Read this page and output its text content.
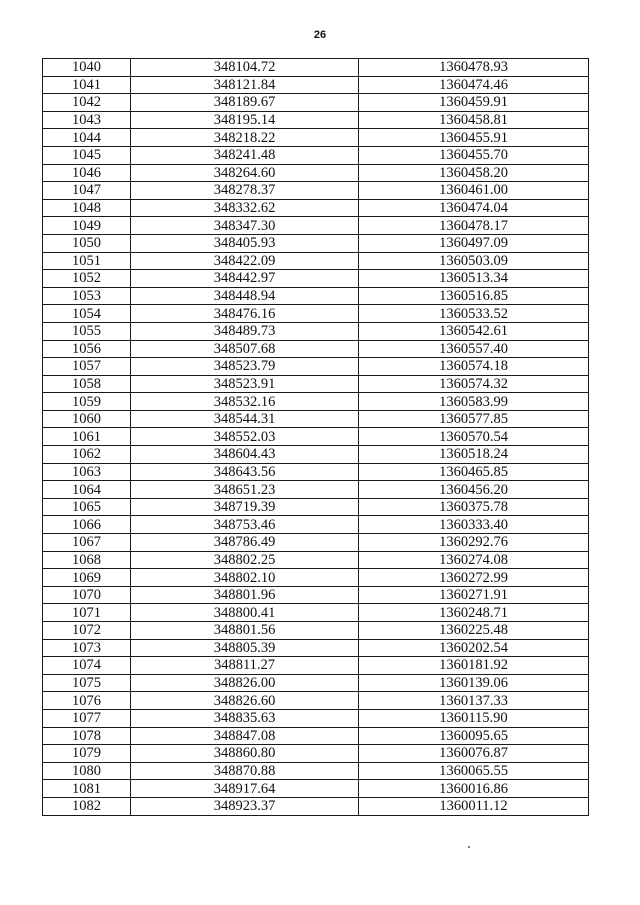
26
1040	348104.72	1360478.93
1041	348121.84	1360474.46
1042	348189.67	1360459.91
1043	348195.14	1360458.81
1044	348218.22	1360455.91
1045	348241.48	1360455.70
1046	348264.60	1360458.20
1047	348278.37	1360461.00
1048	348332.62	1360474.04
1049	348347.30	1360478.17
1050	348405.93	1360497.09
1051	348422.09	1360503.09
1052	348442.97	1360513.34
1053	348448.94	1360516.85
1054	348476.16	1360533.52
1055	348489.73	1360542.61
1056	348507.68	1360557.40
1057	348523.79	1360574.18
1058	348523.91	1360574.32
1059	348532.16	1360583.99
1060	348544.31	1360577.85
1061	348552.03	1360570.54
1062	348604.43	1360518.24
1063	348643.56	1360465.85
1064	348651.23	1360456.20
1065	348719.39	1360375.78
1066	348753.46	1360333.40
1067	348786.49	1360292.76
1068	348802.25	1360274.08
1069	348802.10	1360272.99
1070	348801.96	1360271.91
1071	348800.41	1360248.71
1072	348801.56	1360225.48
1073	348805.39	1360202.54
1074	348811.27	1360181.92
1075	348826.00	1360139.06
1076	348826.60	1360137.33
1077	348835.63	1360115.90
1078	348847.08	1360095.65
1079	348860.80	1360076.87
1080	348870.88	1360065.55
1081	348917.64	1360016.86
1082	348923.37	1360011.12
